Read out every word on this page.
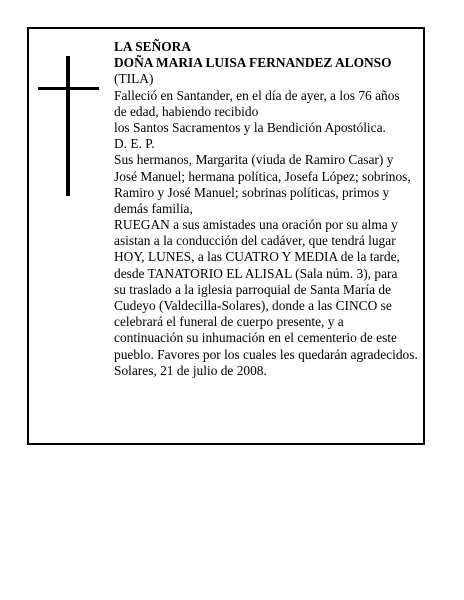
LA SEÑORA
DOÑA MARIA LUISA FERNANDEZ ALONSO
(TILA)
Falleció en Santander, en el día de ayer, a los 76 años
de edad, habiendo recibido
los Santos Sacramentos y la Bendición Apostólica.
D. E. P.
Sus hermanos, Margarita (viuda de Ramiro Casar) y
José Manuel; hermana política, Josefa López; sobrinos,
Ramiro y José Manuel; sobrinas políticas, primos y
demás familia,
RUEGAN a sus amistades una oración por su alma y
asistan a la conducción del cadáver, que tendrá lugar
HOY, LUNES, a las CUATRO Y MEDIA de la tarde,
desde TANATORIO EL ALISAL (Sala núm. 3), para
su traslado a la iglesia parroquial de Santa María de
Cudeyo (Valdecilla-Solares), donde a las CINCO se
celebrará el funeral de cuerpo presente, y a
continuación su inhumación en el cementerio de este
pueblo. Favores por los cuales les quedarán agradecidos.
Solares, 21 de julio de 2008.
